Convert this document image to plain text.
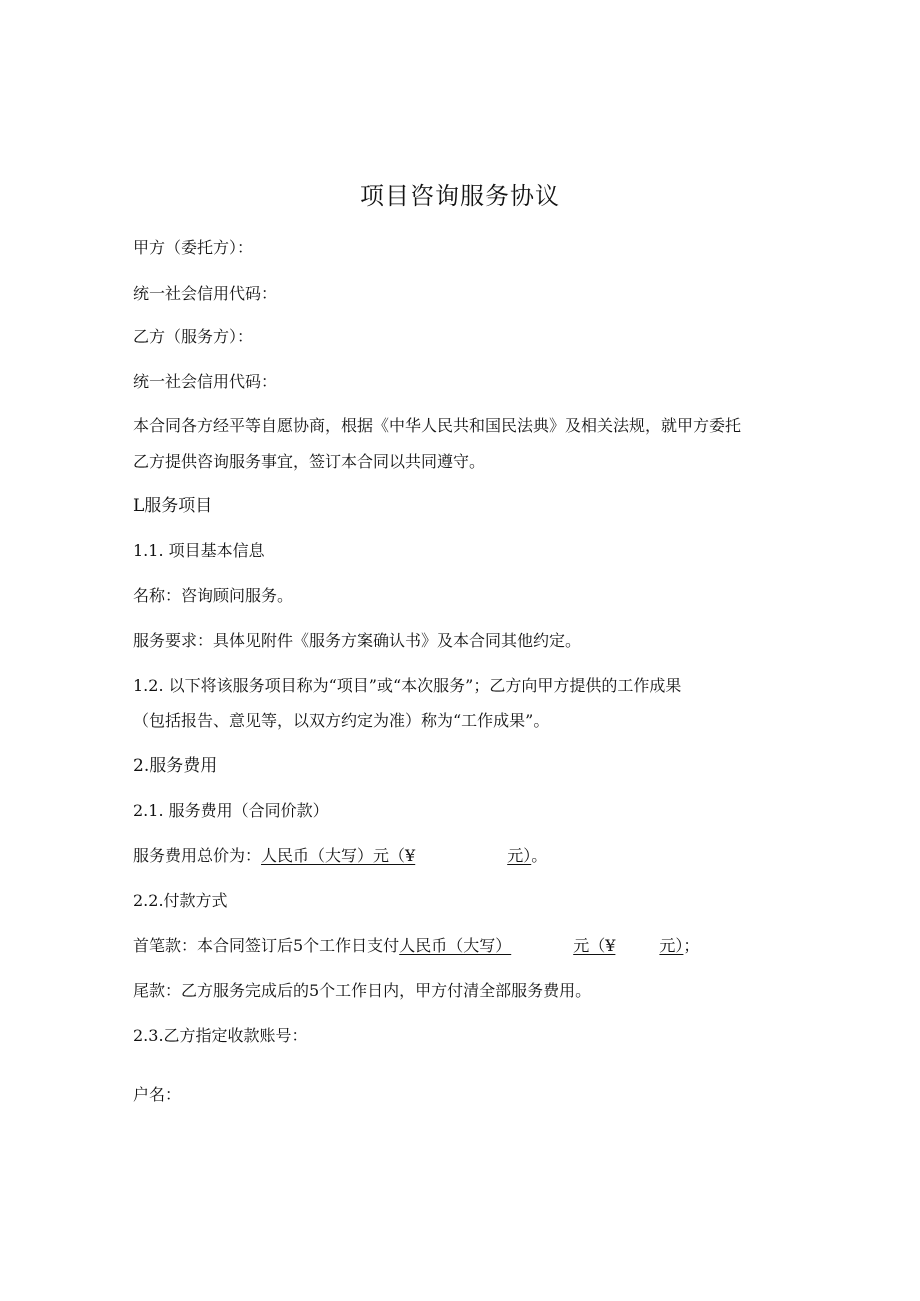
项目咨询服务协议
甲方（委托方）：
统一社会信用代码：
乙方（服务方）：
统一社会信用代码：
本合同各方经平等自愿协商，根据《中华人民共和国民法典》及相关法规，就甲方委托
乙方提供咨询服务事宜，签订本合同以共同遵守。
L服务项目
1.1. 项目基本信息
名称：咨询顾问服务。
服务要求：具体见附件《服务方案确认书》及本合同其他约定。
1.2. 以下将该服务项目称为“项目”或“本次服务”；乙方向甲方提供的工作成果
（包括报告、意见等，以双方约定为准）称为“工作成果”。
2.服务费用
2.1. 服务费用（合同价款）
服务费用总价为：人民币（大写）元（¥	元）。
2.2.付款方式
首笔款：本合同签订后5个工作日支付人民币（大写）	元（¥	元）；
尾款：乙方服务完成后的5个工作日内，甲方付清全部服务费用。
2.3.乙方指定收款账号：
户名：
